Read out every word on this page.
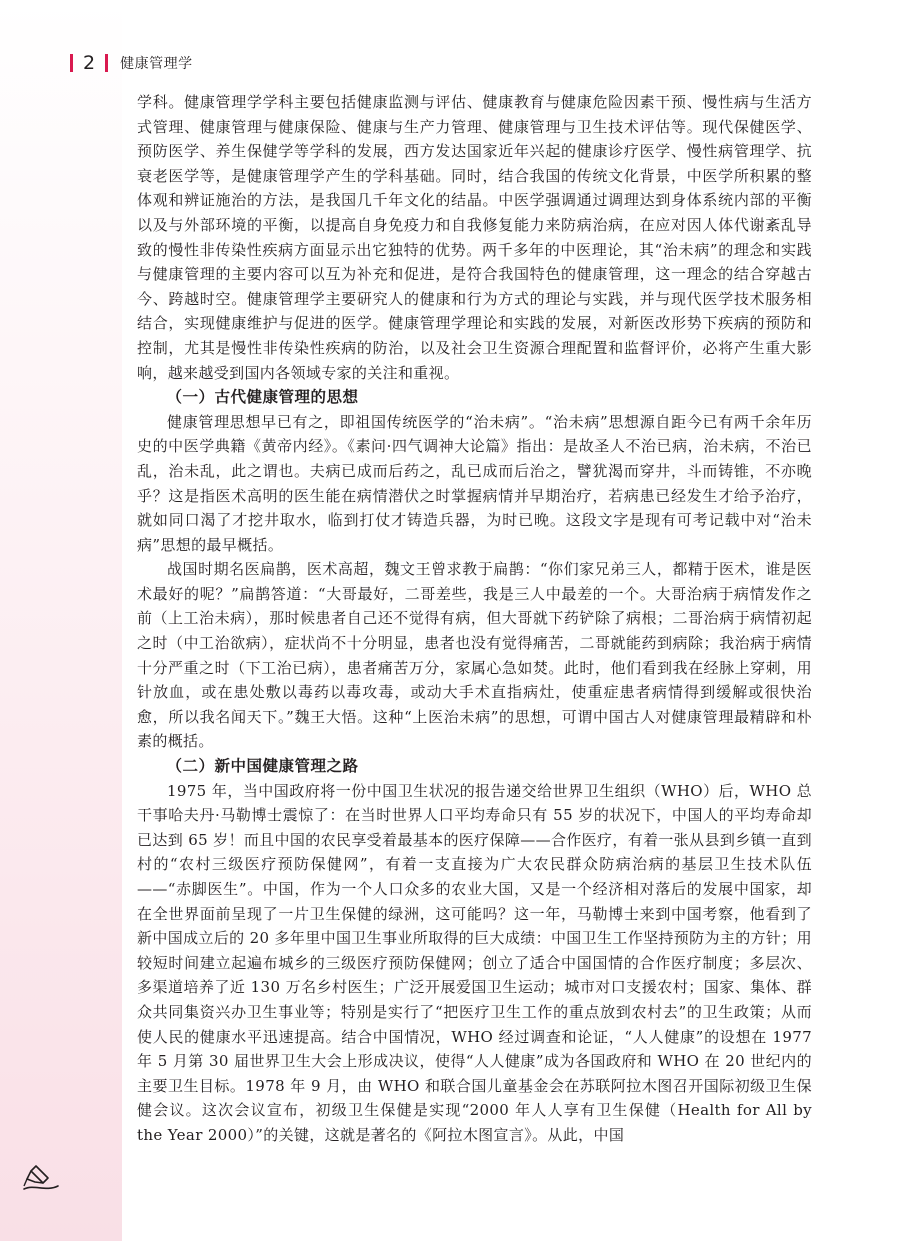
2 健康管理学

学科。健康管理学学科主要包括健康监测与评估、健康教育与健康危险因素干预、慢性病与生活方式管理、健康管理与健康保险、健康与生产力管理、健康管理与卫生技术评估等。现代保健医学、预防医学、养生保健学等学科的发展，西方发达国家近年兴起的健康诊疗医学、慢性病管理学、抗衰老医学等，是健康管理学产生的学科基础。同时，结合我国的传统文化背景，中医学所积累的整体观和辨证施治的方法，是我国几千年文化的结晶。中医学强调通过调理达到身体系统内部的平衡以及与外部环境的平衡，以提高自身免疫力和自我修复能力来防病治病，在应对因人体代谢紊乱导致的慢性非传染性疾病方面显示出它独特的优势。两千多年的中医理论，其“治未病”的理念和实践与健康管理的主要内容可以互为补充和促进，是符合我国特色的健康管理，这一理念的结合穿越古今、跨越时空。健康管理学主要研究人的健康和行为方式的理论与实践，并与现代医学技术服务相结合，实现健康维护与促进的医学。健康管理学理论和实践的发展，对新医改形势下疾病的预防和控制，尤其是慢性非传染性疾病的防治，以及社会卫生资源合理配置和监督评价，必将产生重大影响，越来越受到国内各领域专家的关注和重视。

（一）古代健康管理的思想

健康管理思想早已有之，即祖国传统医学的“治未病”。“治未病”思想源自距今已有两千余年历史的中医学典籍《黄帝内经》。《素问·四气调神大论篇》指出：是故圣人不治已病，治未病，不治已乱，治未乱，此之谓也。夫病已成而后药之，乱已成而后治之，譬犹渴而穿井，斗而铸锥，不亦晚乎？这是指医术高明的医生能在病情潜伏之时掌握病情并早期治疗，若病患已经发生才给予治疗，就如同口渴了才挖井取水，临到打仗才铸造兵器，为时已晚。这段文字是现有可考记载中对“治未病”思想的最早概括。

战国时期名医扁鹊，医术高超，魏文王曾求教于扁鹊：“你们家兄弟三人，都精于医术，谁是医术最好的呢？”扁鹊答道：“大哥最好，二哥差些，我是三人中最差的一个。大哥治病于病情发作之前（上工治未病），那时候患者自己还不觉得有病，但大哥就下药铲除了病根；二哥治病于病情初起之时（中工治欲病），症状尚不十分明显，患者也没有觉得痛苦，二哥就能药到病除；我治病于病情十分严重之时（下工治已病），患者痛苦万分，家属心急如焚。此时，他们看到我在经脉上穿刺，用针放血，或在患处敷以毒药以毒攻毒，或动大手术直指病灶，使重症患者病情得到缓解或很快治愈，所以我名闻天下。”魏王大悟。这种“上医治未病”的思想，可谓中国古人对健康管理最精辟和朴素的概括。

（二）新中国健康管理之路

1975 年，当中国政府将一份中国卫生状况的报告递交给世界卫生组织（WHO）后，WHO 总干事哈夫丹·马勒博士震惊了：在当时世界人口平均寿命只有 55 岁的状况下，中国人的平均寿命却已达到 65 岁！而且中国的农民享受着最基本的医疗保障——合作医疗，有着一张从县到乡镇一直到村的“农村三级医疗预防保健网”，有着一支直接为广大农民群众防病治病的基层卫生技术队伍——“赤脚医生”。中国，作为一个人口众多的农业大国，又是一个经济相对落后的发展中国家，却在全世界面前呈现了一片卫生保健的绿洲，这可能吗？这一年，马勒博士来到中国考察，他看到了新中国成立后的 20 多年里中国卫生事业所取得的巨大成绩：中国卫生工作坚持预防为主的方针；用较短时间建立起遍布城乡的三级医疗预防保健网；创立了适合中国国情的合作医疗制度；多层次、多渠道培养了近 130 万名乡村医生；广泛开展爱国卫生运动；城市对口支援农村；国家、集体、群众共同集资兴办卫生事业等；特别是实行了“把医疗卫生工作的重点放到农村去”的卫生政策；从而使人民的健康水平迅速提高。结合中国情况，WHO 经过调查和论证，“人人健康”的设想在 1977 年 5 月第 30 届世界卫生大会上形成决议，使得“人人健康”成为各国政府和 WHO 在 20 世纪内的主要卫生目标。1978 年 9 月，由 WHO 和联合国儿童基金会在苏联阿拉木图召开国际初级卫生保健会议。这次会议宣布，初级卫生保健是实现“2000 年人人享有卫生保健（Health for All by the Year 2000）”的关键，这就是著名的《阿拉木图宣言》。从此，中国
